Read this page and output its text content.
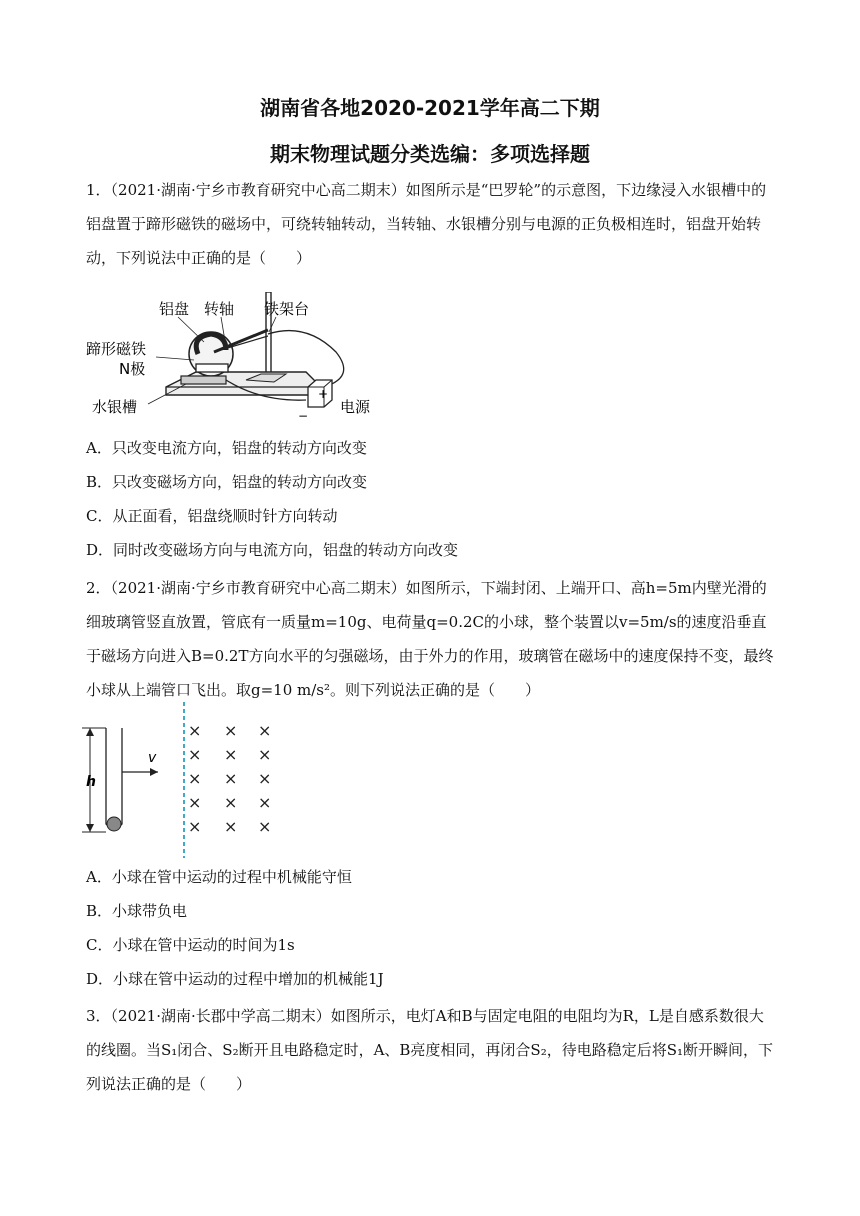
湖南省各地2020-2021学年高二下期
期末物理试题分类选编：多项选择题
1．（2021·湖南·宁乡市教育研究中心高二期末）如图所示是“巴罗轮”的示意图，下边缘浸入水银槽中的铝盘置于蹄形磁铁的磁场中，可绕转轴转动，当转轴、水银槽分别与电源的正负极相连时，铝盘开始转动，下列说法中正确的是（　　）
铝盘 转轴 铁架台
蹄形磁铁
N极
水银槽	电源
+
−
A．只改变电流方向，铝盘的转动方向改变
B．只改变磁场方向，铝盘的转动方向改变
C．从正面看，铝盘绕顺时针方向转动
D．同时改变磁场方向与电流方向，铝盘的转动方向改变
2．（2021·湖南·宁乡市教育研究中心高二期末）如图所示，下端封闭、上端开口、高h=5m内壁光滑的细玻璃管竖直放置，管底有一质量m=10g、电荷量q=0.2C的小球，整个装置以v=5m/s的速度沿垂直于磁场方向进入B=0.2T方向水平的匀强磁场，由于外力的作用，玻璃管在磁场中的速度保持不变，最终小球从上端管口飞出。取g=10 m/s²。则下列说法正确的是（　　）
h
v
× × ×
× × ×
× × ×
× × ×
× × ×
A．小球在管中运动的过程中机械能守恒
B．小球带负电
C．小球在管中运动的时间为1s
D．小球在管中运动的过程中增加的机械能1J
3．（2021·湖南·长郡中学高二期末）如图所示，电灯A和B与固定电阻的电阻均为R，L是自感系数很大的线圈。当S₁闭合、S₂断开且电路稳定时，A、B亮度相同，再闭合S₂，待电路稳定后将S₁断开瞬间，下列说法正确的是（　　）
